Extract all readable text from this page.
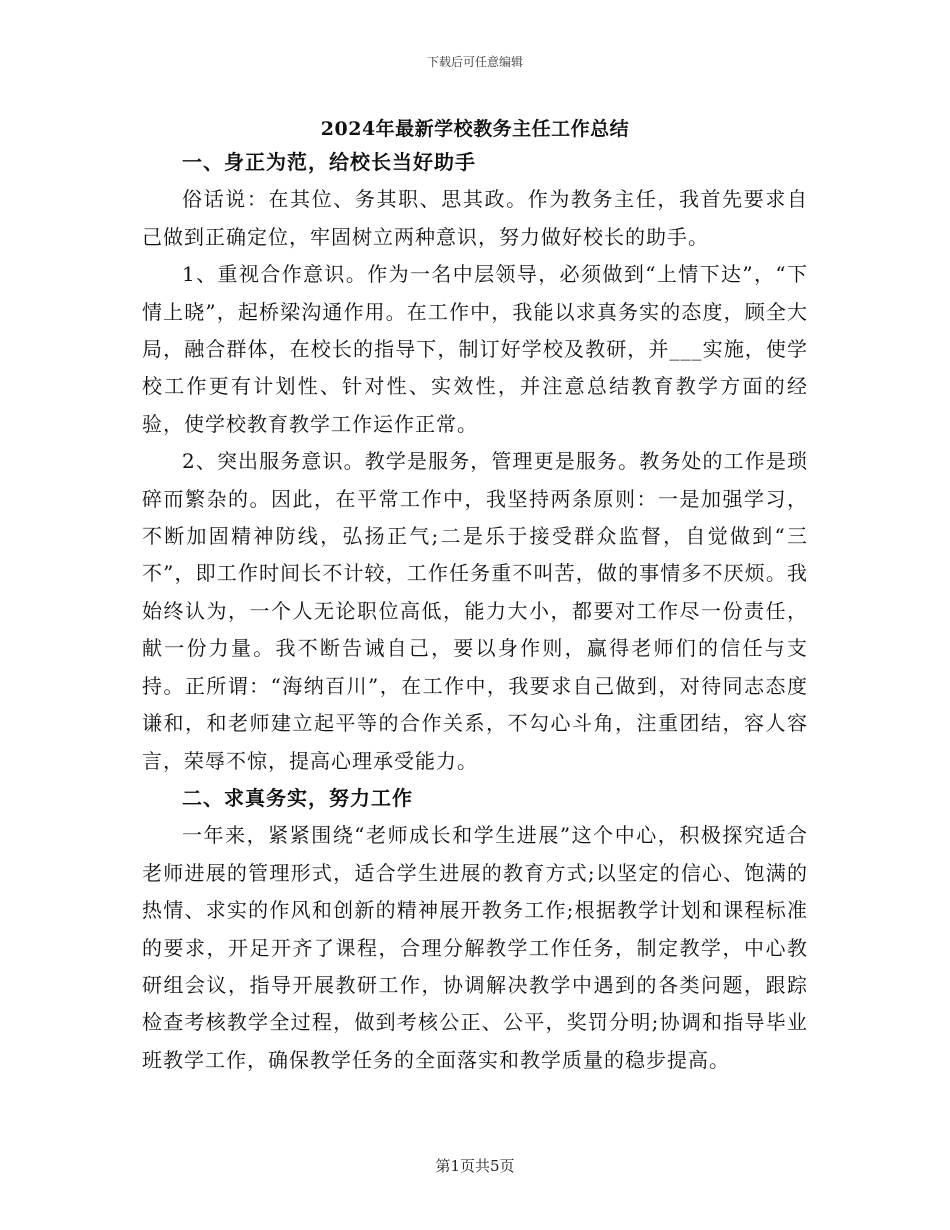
下载后可任意编辑
2024年最新学校教务主任工作总结
一、身正为范，给校长当好助手

俗话说：在其位、务其职、思其政。作为教务主任，我首先要求自己做到正确定位，牢固树立两种意识，努力做好校长的助手。

1、重视合作意识。作为一名中层领导，必须做到“上情下达”，“下情上晓”，起桥梁沟通作用。在工作中，我能以求真务实的态度，顾全大局，融合群体，在校长的指导下，制订好学校及教研，并___实施，使学校工作更有计划性、针对性、实效性，并注意总结教育教学方面的经验，使学校教育教学工作运作正常。

2、突出服务意识。教学是服务，管理更是服务。教务处的工作是琐碎而繁杂的。因此，在平常工作中，我坚持两条原则：一是加强学习，不断加固精神防线，弘扬正气;二是乐于接受群众监督，自觉做到“三不”，即工作时间长不计较，工作任务重不叫苦，做的事情多不厌烦。我始终认为，一个人无论职位高低，能力大小，都要对工作尽一份责任，献一份力量。我不断告诫自己，要以身作则，赢得老师们的信任与支持。正所谓：“海纳百川”，在工作中，我要求自己做到，对待同志态度谦和，和老师建立起平等的合作关系，不勾心斗角，注重团结，容人容言，荣辱不惊，提高心理承受能力。

二、求真务实，努力工作

一年来，紧紧围绕“老师成长和学生进展”这个中心，积极探究适合老师进展的管理形式，适合学生进展的教育方式;以坚定的信心、饱满的热情、求实的作风和创新的精神展开教务工作;根据教学计划和课程标准的要求，开足开齐了课程，合理分解教学工作任务，制定教学，中心教研组会议，指导开展教研工作，协调解决教学中遇到的各类问题，跟踪检查考核教学全过程，做到考核公正、公平，奖罚分明;协调和指导毕业班教学工作，确保教学任务的全面落实和教学质量的稳步提高。

第1页共5页
